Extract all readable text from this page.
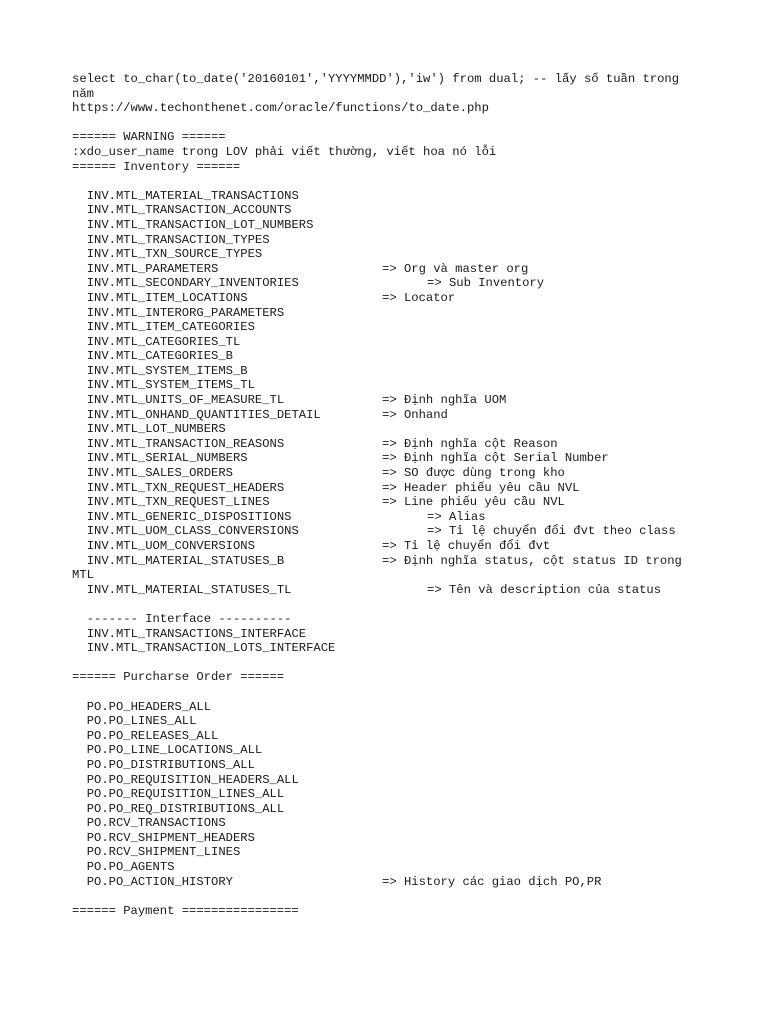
select to_char(to_date('20160101','YYYYMMDD'),'iw') from dual; -- lấy số tuần trong
năm
https://www.techonthenet.com/oracle/functions/to_date.php
====== WARNING ======
:xdo_user_name trong LOV phải viết thường, viết hoa nó lỗi
====== Inventory ======
INV.MTL_MATERIAL_TRANSACTIONS
INV.MTL_TRANSACTION_ACCOUNTS
INV.MTL_TRANSACTION_LOT_NUMBERS
INV.MTL_TRANSACTION_TYPES
INV.MTL_TXN_SOURCE_TYPES
INV.MTL_PARAMETERS	=> Org và master org
INV.MTL_SECONDARY_INVENTORIES	=> Sub Inventory
INV.MTL_ITEM_LOCATIONS	=> Locator
INV.MTL_INTERORG_PARAMETERS
INV.MTL_ITEM_CATEGORIES
INV.MTL_CATEGORIES_TL
INV.MTL_CATEGORIES_B
INV.MTL_SYSTEM_ITEMS_B
INV.MTL_SYSTEM_ITEMS_TL
INV.MTL_UNITS_OF_MEASURE_TL	=> Định nghĩa UOM
INV.MTL_ONHAND_QUANTITIES_DETAIL	=> Onhand
INV.MTL_LOT_NUMBERS
INV.MTL_TRANSACTION_REASONS	=> Định nghĩa cột Reason
INV.MTL_SERIAL_NUMBERS	=> Định nghĩa cột Serial Number
INV.MTL_SALES_ORDERS	=> SO được dùng trong kho
INV.MTL_TXN_REQUEST_HEADERS	=> Header phiếu yêu cầu NVL
INV.MTL_TXN_REQUEST_LINES	=> Line phiếu yêu cầu NVL
INV.MTL_GENERIC_DISPOSITIONS	=> Alias
INV.MTL_UOM_CLASS_CONVERSIONS	=> Tỉ lệ chuyển đổi đvt theo class
INV.MTL_UOM_CONVERSIONS	=> Tỉ lệ chuyển đổi đvt
INV.MTL_MATERIAL_STATUSES_B	=> Định nghĩa status, cột status ID trong
MTL
INV.MTL_MATERIAL_STATUSES_TL	=> Tên và description của status
------- Interface ----------
INV.MTL_TRANSACTIONS_INTERFACE
INV.MTL_TRANSACTION_LOTS_INTERFACE
====== Purcharse Order ======
PO.PO_HEADERS_ALL
PO.PO_LINES_ALL
PO.PO_RELEASES_ALL
PO.PO_LINE_LOCATIONS_ALL
PO.PO_DISTRIBUTIONS_ALL
PO.PO_REQUISITION_HEADERS_ALL
PO.PO_REQUISITION_LINES_ALL
PO.PO_REQ_DISTRIBUTIONS_ALL
PO.RCV_TRANSACTIONS
PO.RCV_SHIPMENT_HEADERS
PO.RCV_SHIPMENT_LINES
PO.PO_AGENTS
PO.PO_ACTION_HISTORY	=> History các giao dịch PO,PR
====== Payment ================
